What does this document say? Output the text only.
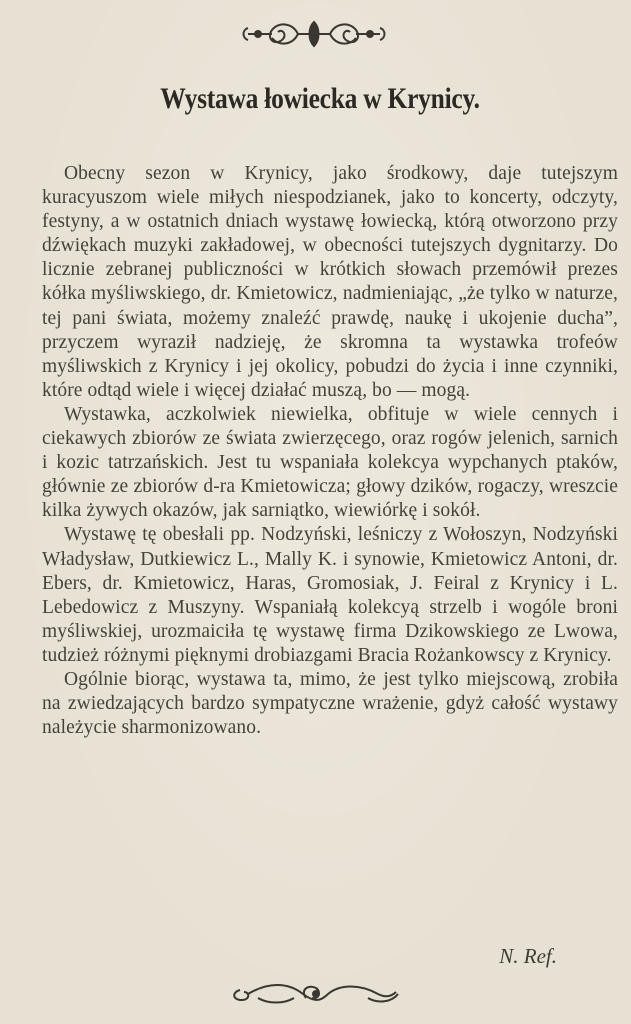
Wystawa łowiecka w Krynicy.

Obecny sezon w Krynicy, jako środkowy, daje tutejszym kuracyuszom wiele miłych niespodzianek, jako to koncerty, odczyty, festyny, a w ostatnich dniach wystawę łowiecką, którą otworzono przy dźwiękach muzyki zakładowej, w obecności tutejszych dygnitarzy. Do licznie zebranej publiczności w krótkich słowach przemówił prezes kółka myśliwskiego, dr. Kmietowicz, nadmieniając, „że tylko w naturze, tej pani świata, możemy znaleźć prawdę, naukę i ukojenie ducha”, przyczem wyraził nadzieję, że skromna ta wystawka trofeów myśliwskich z Krynicy i jej okolicy, pobudzi do życia i inne czynniki, które odtąd wiele i więcej działać muszą, bo — mogą.

Wystawka, aczkolwiek niewielka, obfituje w wiele cennych i ciekawych zbiorów ze świata zwierzęcego, oraz rogów jelenich, sarnich i kozic tatrzańskich. Jest tu wspaniała kolekcya wypchanych ptaków, głównie ze zbiorów d-ra Kmietowicza; głowy dzików, rogaczy, wreszcie kilka żywych okazów, jak sarniątko, wiewiórkę i sokół.

Wystawę tę obesłali pp. Nodzyński, leśniczy z Wołoszyn, Nodzyński Władysław, Dutkiewicz L., Mally K. i synowie, Kmietowicz Antoni, dr. Ebers, dr. Kmietowicz, Haras, Gromosiak, J. Feiral z Krynicy i L. Lebedowicz z Muszyny. Wspaniałą kolekcyą strzelb i wogóle broni myśliwskiej, urozmaiciła tę wystawę firma Dzikowskiego ze Lwowa, tudzież różnymi pięknymi drobiazgami Bracia Rożankowscy z Krynicy.

Ogólnie biorąc, wystawa ta, mimo, że jest tylko miejscową, zrobiła na zwiedzających bardzo sympatyczne wrażenie, gdyż całość wystawy należycie sharmonizowano.

N. Ref.
